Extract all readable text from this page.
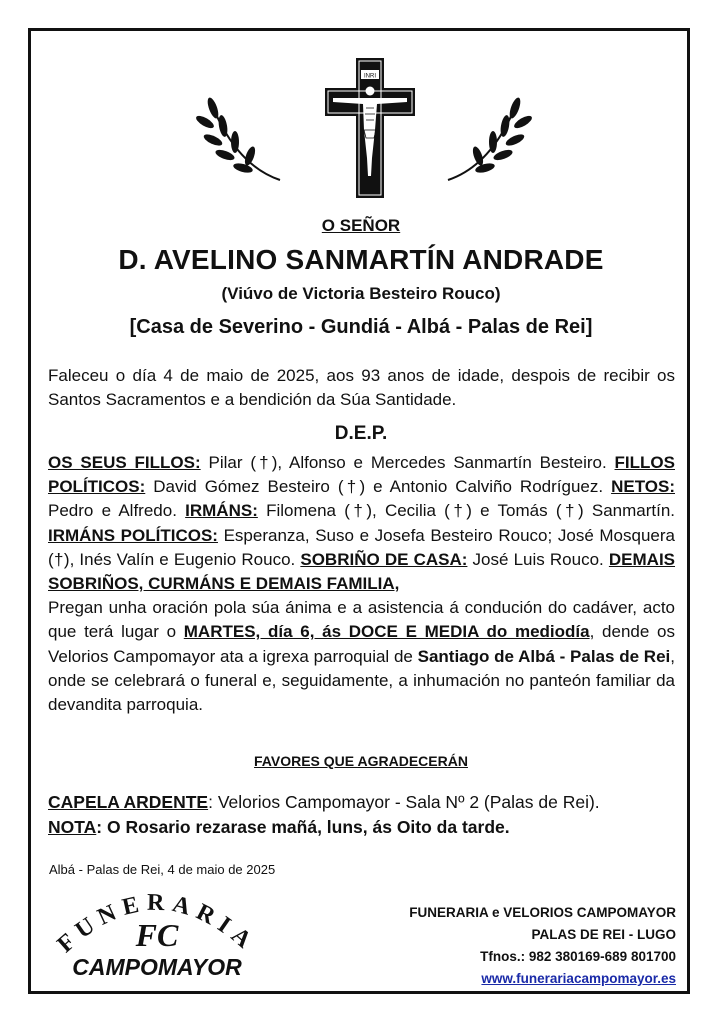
INRI
O SEÑOR
D. AVELINO SANMARTÍN ANDRADE
(Viúvo de Victoria Besteiro Rouco)
[Casa de Severino - Gundiá - Albá - Palas de Rei]
Faleceu o día 4 de maio de 2025, aos 93 anos de idade, despois de recibir os Santos Sacramentos e a bendición da Súa Santidade.
D.E.P.
OS SEUS FILLOS: Pilar (†), Alfonso e Mercedes Sanmartín Besteiro. FILLOS POLÍTICOS: David Gómez Besteiro (†) e Antonio Calviño Rodríguez. NETOS: Pedro e Alfredo. IRMÁNS: Filomena (†), Cecilia (†) e Tomás (†) Sanmartín. IRMÁNS POLÍTICOS: Esperanza, Suso e Josefa Besteiro Rouco; José Mosquera (†), Inés Valín e Eugenio Rouco. SOBRIÑO DE CASA: José Luis Rouco. DEMAIS SOBRIÑOS, CURMÁNS E DEMAIS FAMILIA,
Pregan unha oración pola súa ánima e a asistencia á condución do cadáver, acto que terá lugar o MARTES, día 6, ás DOCE E MEDIA do mediodía, dende os Velorios Campomayor ata a igrexa parroquial de Santiago de Albá - Palas de Rei, onde se celebrará o funeral e, seguidamente, a inhumación no panteón familiar da devandita parroquia.
FAVORES QUE AGRADECERÁN
CAPELA ARDENTE: Velorios Campomayor - Sala Nº 2 (Palas de Rei).
NOTA: O Rosario rezarase mañá, luns, ás Oito da tarde.
Albá - Palas de Rei, 4 de maio de 2025
FUNERARIA
FC
CAMPOMAYOR
FUNERARIA e VELORIOS CAMPOMAYOR
PALAS DE REI - LUGO
Tfnos.: 982 380169-689 801700
www.funerariacampomayor.es
